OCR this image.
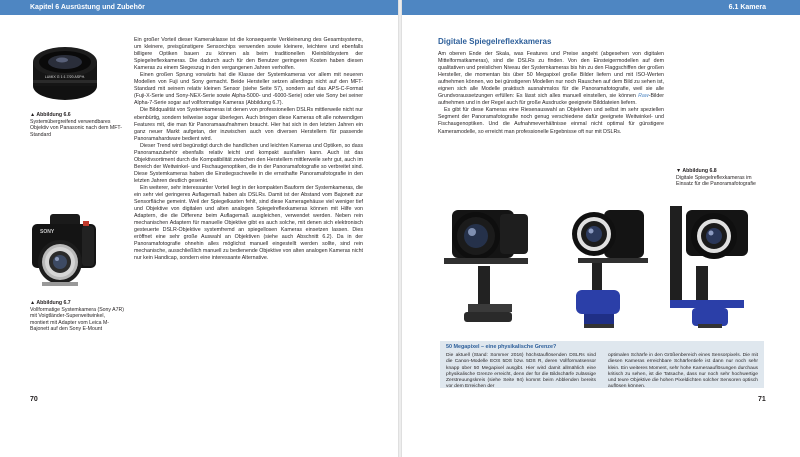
Kapitel 6 Ausrüstung und Zubehör
LUMIX G 1:1.7/20 ASPH.
▲ Abbildung 6.6
Systemübergreifend verwendbares Objektiv von Panasonic nach dem MFT-Standard
SONY
▲ Abbildung 6.7
Vollformatige Systemkamera (Sony A7R) mit Voigtländer-Superweitwinkel, montiert mit Adapter vom Leica M-Bajonett auf den Sony E-Mount

Ein großer Vorteil dieser Kameraklasse ist die konsequente Verkleinerung des Gesamtsystems, um kleinere, preisgünstigere Sensorchips verwenden sowie kleinere, leichtere und ebenfalls billigere Optiken bauen zu können als beim traditionellen Kleinbildsystem der Spiegelreflexkameras. Die dadurch auch für den Benutzer geringeren Kosten haben diesen Kameras zu einem Siegeszug in den vergangenen Jahren verholfen.

Einen großen Sprung vorwärts hat die Klasse der Systemkameras vor allem mit neueren Modellen von Fuji und Sony gemacht. Beide Hersteller setzen allerdings nicht auf den MFT-Standard mit seinem relativ kleinen Sensor (siehe Seite 57), sondern auf das APS-C-Format (Fuji-X-Serie und Sony-NEX-Serie sowie Alpha-5000- und -6000-Serie) oder wie Sony bei seiner Alpha-7-Serie sogar auf vollformatige Kameras (Abbildung 6.7).

Die Bildqualität von Systemkameras ist denen von professionellen DSLRs mittlerweile nicht nur ebenbürtig, sondern teilweise sogar überlegen. Auch bringen diese Kameras oft alle notwendigen Features mit, die man für Panoramaaufnahmen braucht. Hier hat sich in den letzten Jahren ein ganz neuer Markt aufgetan, der inzwischen auch von diversen Herstellern für passende Panoramahardware bedient wird.

Dieser Trend wird begünstigt durch die handlichen und leichten Kameras und Optiken, so dass Panoramazubehör ebenfalls relativ leicht und kompakt ausfallen kann. Auch ist das Objektivsortiment durch die Kompatibilität zwischen den Herstellern mittlerweile sehr gut, auch im Bereich der Weitwinkel- und Fischaugenoptiken, die in der Panoramafotografie so verbreitet sind. Diese Systemkameras haben die Einstiegsschwelle in die ernsthafte Panoramafotografie in den letzten Jahren deutlich gesenkt.

Ein weiterer, sehr interessanter Vorteil liegt in der kompakten Bauform der Systemkameras, die ein sehr viel geringeres Auflagemaß haben als DSLRs. Damit ist der Abstand vom Bajonett zur Sensorfläche gemeint. Weil der Spiegelkasten fehlt, sind diese Kameragehäuse viel weniger tief und Objektive von digitalen und alten analogen Spiegelreflexkameras können mit Hilfe von Adaptern, die die Differenz beim Auflagemaß ausgleichen, verwendet werden. Neben rein mechanischen Adaptern für manuelle Objektive gibt es auch solche, mit denen sich elektronisch gesteuerte DSLR-Objektive systemfremd an spiegellosen Kameras einsetzen lassen. Dies eröffnet eine sehr große Auswahl an Objektiven (siehe auch Abschnitt 6.2). Da in der Panoramafotografie ohnehin alles möglichst manuell eingestellt werden sollte, sind rein mechanische, ausschließlich manuell zu bedienende Objektive von alten analogen Kameras nicht nur kein Handicap, sondern eine interessante Alternative.

70
6.1 Kamera
Digitale Spiegelreflexkameras

Am oberen Ende der Skala, was Features und Preise angeht (abgesehen von digitalen Mittelformatkameras), sind die DSLRs zu finden. Von den Einsteigermodellen auf dem qualitativen und preislichen Niveau der Systemkameras bis hin zu den Flaggschiffen der großen Hersteller, die momentan bis über 50 Megapixel große Bilder liefern und mit ISO-Werten aufnehmen können, wo bei günstigeren Modellen nur noch Rauschen auf dem Bild zu sehen ist, eignen sich alle Modelle praktisch ausnahmslos für die Panoramafotografie, weil sie alle Grundvoraussetzungen erfüllen: Es lässt sich alles manuell einstellen, sie können Raw-Bilder aufnehmen und in der Regel auch für große Ausdrucke geeignete Bilddateien liefern.

Es gibt für diese Kameras eine Riesenauswahl an Objektiven und selbst im sehr speziellen Segment der Panoramafotografie noch genug verschiedene dafür geeignete Weitwinkel- und Fischaugenoptiken. Und die Aufnahmeverhältnisse einmal nicht optimal für günstigere Kameramodelle, so erreicht man professionelle Ergebnisse oft nur mit DSLRs.

▼ Abbildung 6.8
Digitale Spiegelreflexkameras im Einsatz für die Panoramafotografie
50 Megapixel – eine physikalische Grenze?
Die aktuell (Stand: Sommer 2016) höchstauflösenden DSLRs sind die Canon-Modelle EOS 5DS bzw. 5DS R, deren Vollformatsensor knapp über 50 Megapixel ausgibt. Hier wird damit allmählich eine physikalische Grenze erreicht, denn der für die Bildschärfe zulässige Zerstreuungskreis (siehe Seite 94) kommt beim Abblenden bereits vor dem Erreichen der
optimalen Schärfe in den Größenbereich eines Sensorpixels. Die mit diesen Kameras erreichbare Schärfentiefe ist dann nur noch sehr klein. Ein weiteres Moment, sehr hohe Kameraauflösungen durchaus kritisch zu sehen, ist die Tatsache, dass nur noch sehr hochwertige und teure Objektive die hohen Pixeldichten solcher Sensoren optisch auflösen können.
71
